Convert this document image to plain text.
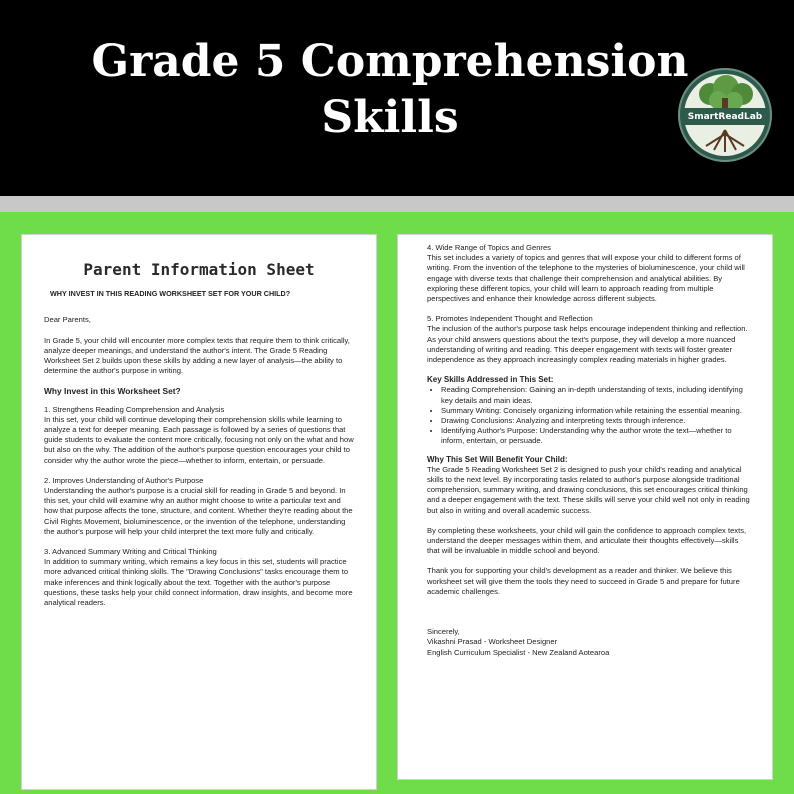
Grade 5 Comprehension
Skills	SmartReadLab
Parent Information Sheet
WHY INVEST IN THIS READING WORKSHEET SET FOR YOUR CHILD?

Dear Parents,

In Grade 5, your child will encounter more complex texts that require them to think critically, analyze deeper meanings, and understand the author's intent. The Grade 5 Reading Worksheet Set 2 builds upon these skills by adding a new layer of analysis—the ability to determine the author's purpose in writing.

Why Invest in this Worksheet Set?
1. Strengthens Reading Comprehension and Analysis

In this set, your child will continue developing their comprehension skills while learning to analyze a text for deeper meaning. Each passage is followed by a series of questions that guide students to evaluate the content more critically, focusing not only on the what and how but also on the why. The addition of the author's purpose question encourages your child to consider why the author wrote the piece—whether to inform, entertain, or persuade.

2. Improves Understanding of Author's Purpose

Understanding the author's purpose is a crucial skill for reading in Grade 5 and beyond. In this set, your child will examine why an author might choose to write a particular text and how that purpose affects the tone, structure, and content. Whether they're reading about the Civil Rights Movement, bioluminescence, or the invention of the telephone, understanding the author's purpose will help your child interpret the text more fully and critically.

3. Advanced Summary Writing and Critical Thinking

In addition to summary writing, which remains a key focus in this set, students will practice more advanced critical thinking skills. The "Drawing Conclusions" tasks encourage them to make inferences and think logically about the text. Together with the author's purpose questions, these tasks help your child connect information, draw insights, and become more analytical readers.

4. Wide Range of Topics and Genres

This set includes a variety of topics and genres that will expose your child to different forms of writing. From the invention of the telephone to the mysteries of bioluminescence, your child will engage with diverse texts that challenge their comprehension and analytical abilities. By exploring these different topics, your child will learn to approach reading from multiple perspectives and enhance their knowledge across different subjects.

5. Promotes Independent Thought and Reflection

The inclusion of the author's purpose task helps encourage independent thinking and reflection. As your child answers questions about the text's purpose, they will develop a more nuanced understanding of writing and reading. This deeper engagement with texts will foster greater independence as they approach increasingly complex reading materials in higher grades.

Key Skills Addressed in This Set:
• Reading Comprehension: Gaining an in-depth understanding of texts, including identifying key details and main ideas.
• Summary Writing: Concisely organizing information while retaining the essential meaning.
• Drawing Conclusions: Analyzing and interpreting texts through inference.
• Identifying Author's Purpose: Understanding why the author wrote the text—whether to inform, entertain, or persuade.
Why This Set Will Benefit Your Child:

The Grade 5 Reading Worksheet Set 2 is designed to push your child's reading and analytical skills to the next level. By incorporating tasks related to author's purpose alongside traditional comprehension, summary writing, and drawing conclusions, this set encourages critical thinking and a deeper engagement with the text. These skills will serve your child well not only in reading but also in writing and overall academic success.

By completing these worksheets, your child will gain the confidence to approach complex texts, understand the deeper messages within them, and articulate their thoughts effectively—skills that will be invaluable in middle school and beyond.

Thank you for supporting your child's development as a reader and thinker. We believe this worksheet set will give them the tools they need to succeed in Grade 5 and prepare for future academic challenges.

Sincerely,

Vikashni Prasad - Worksheet Designer

English Curriculum Specialist - New Zealand Aotearoa
